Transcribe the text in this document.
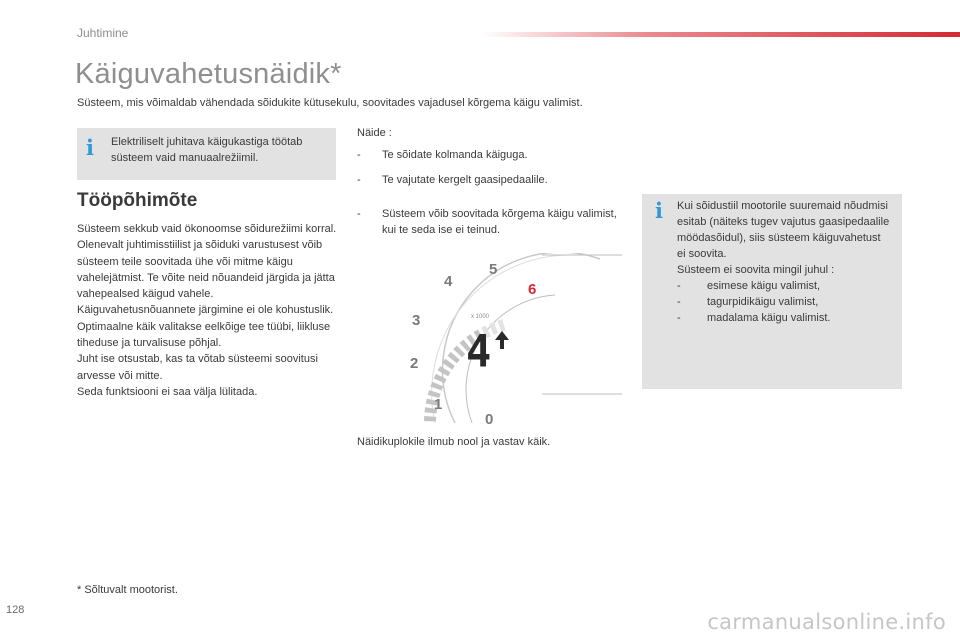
Juhtimine
Käiguvahetusnäidik*
Süsteem, mis võimaldab vähendada sõidukite kütusekulu, soovitades vajadusel kõrgema käigu valimist.
i Elektriliselt juhitava käigukastiga töötab süsteem vaid manuaalrežiimil.
Tööpõhimõte

Süsteem sekkub vaid ökonoomse sõidurežiimi korral.

Olenevalt juhtimisstiilist ja sõiduki varustusest võib süsteem teile soovitada ühe või mitme käigu vahelejätmist. Te võite neid nõuandeid järgida ja jätta vahepealsed käigud vahele.

Käiguvahetusnõuannete järgimine ei ole kohustuslik. Optimaalne käik valitakse eelkõige tee tüübi, liikluse tiheduse ja turvalisuse põhjal.

Juht ise otsustab, kas ta võtab süsteemi soovitusi arvesse või mitte.

Seda funktsiooni ei saa välja lülitada.

Näide :
- Te sõidate kolmanda käiguga.
- Te vajutate kergelt gaasipedaalile.
- Süsteem võib soovitada kõrgema käigu valimist, kui te seda ise ei teinud.
0
1
2
3
4
5
6
x 1000
4
Näidikuplokile ilmub nool ja vastav käik.
i Kui sõidustiil mootorile suuremaid nõudmisi esitab (näiteks tugev vajutus gaasipedaalile möödasõidul), siis süsteem käiguvahetust ei soovita.
Süsteem ei soovita mingil juhul :
- esimese käigu valimist,
- tagurpidikäigu valimist,
- madalama käigu valimist.
* Sõltuvalt mootorist.
128	carmanualsonline.info
